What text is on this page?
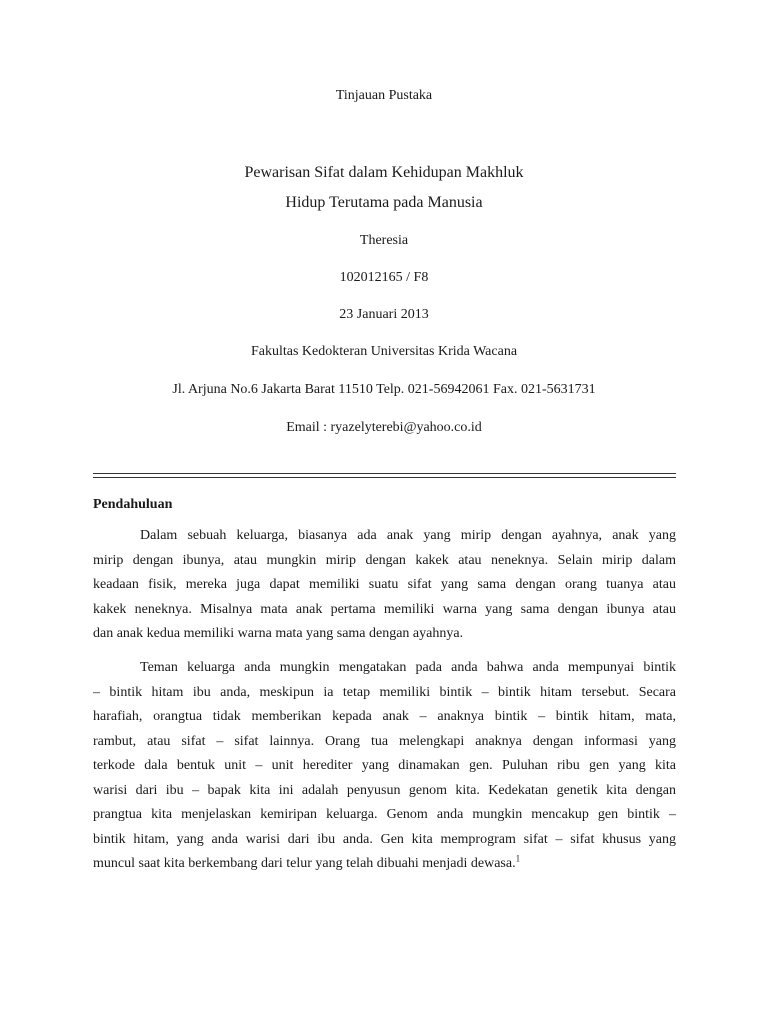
Tinjauan Pustaka
Pewarisan Sifat dalam Kehidupan Makhluk
Hidup Terutama pada Manusia
Theresia
102012165 / F8
23 Januari 2013
Fakultas Kedokteran Universitas Krida Wacana
Jl. Arjuna No.6 Jakarta Barat 11510 Telp. 021-56942061 Fax. 021-5631731
Email : ryazelyterebi@yahoo.co.id
Pendahuluan
Dalam sebuah keluarga, biasanya ada anak yang mirip dengan ayahnya, anak yang
mirip dengan ibunya, atau mungkin mirip dengan kakek atau neneknya. Selain mirip dalam
keadaan fisik, mereka juga dapat memiliki suatu sifat yang sama dengan orang tuanya atau
kakek neneknya. Misalnya mata anak pertama memiliki warna yang sama dengan ibunya atau
dan anak kedua memiliki warna mata yang sama dengan ayahnya.
Teman keluarga anda mungkin mengatakan pada anda bahwa anda mempunyai bintik
– bintik hitam ibu anda, meskipun ia tetap memiliki bintik – bintik hitam tersebut. Secara
harafiah, orangtua tidak memberikan kepada anak – anaknya bintik – bintik hitam, mata,
rambut, atau sifat – sifat lainnya. Orang tua melengkapi anaknya dengan informasi yang
terkode dala bentuk unit – unit herediter yang dinamakan gen. Puluhan ribu gen yang kita
warisi dari ibu – bapak kita ini adalah penyusun genom kita. Kedekatan genetik kita dengan
prangtua kita menjelaskan kemiripan keluarga. Genom anda mungkin mencakup gen bintik –
bintik hitam, yang anda warisi dari ibu anda. Gen kita memprogram sifat – sifat khusus yang
muncul saat kita berkembang dari telur yang telah dibuahi menjadi dewasa.$^1$
